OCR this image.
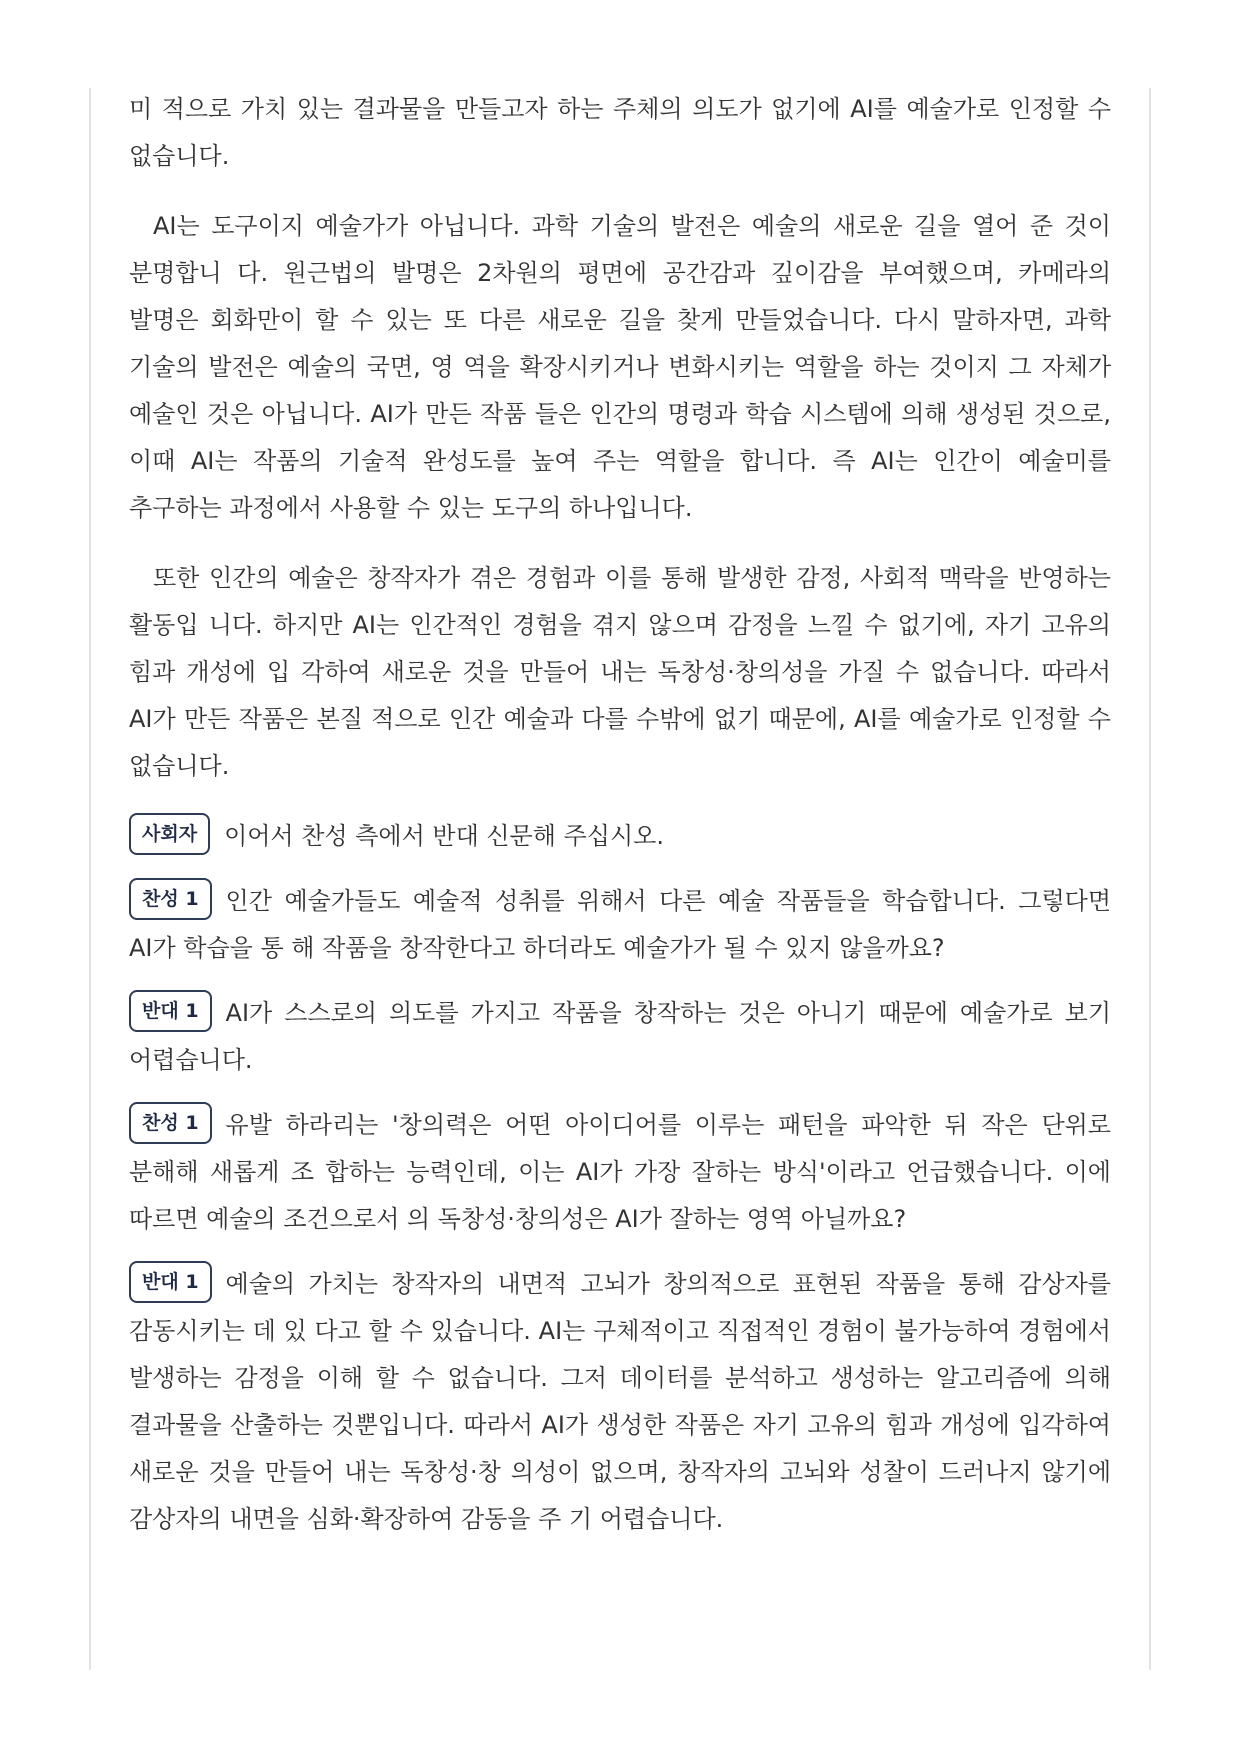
미 적으로 가치 있는 결과물을 만들고자 하는 주체의 의도가 없기에 AI를 예술가로 인정할 수 없습니다.

AI는 도구이지 예술가가 아닙니다. 과학 기술의 발전은 예술의 새로운 길을 열어 준 것이 분명합니 다. 원근법의 발명은 2차원의 평면에 공간감과 깊이감을 부여했으며, 카메라의 발명은 회화만이 할 수 있는 또 다른 새로운 길을 찾게 만들었습니다. 다시 말하자면, 과학 기술의 발전은 예술의 국면, 영 역을 확장시키거나 변화시키는 역할을 하는 것이지 그 자체가 예술인 것은 아닙니다. AI가 만든 작품 들은 인간의 명령과 학습 시스템에 의해 생성된 것으로, 이때 AI는 작품의 기술적 완성도를 높여 주는 역할을 합니다. 즉 AI는 인간이 예술미를 추구하는 과정에서 사용할 수 있는 도구의 하나입니다.

또한 인간의 예술은 창작자가 겪은 경험과 이를 통해 발생한 감정, 사회적 맥락을 반영하는 활동입 니다. 하지만 AI는 인간적인 경험을 겪지 않으며 감정을 느낄 수 없기에, 자기 고유의 힘과 개성에 입 각하여 새로운 것을 만들어 내는 독창성·창의성을 가질 수 없습니다. 따라서 AI가 만든 작품은 본질 적으로 인간 예술과 다를 수밖에 없기 때문에, AI를 예술가로 인정할 수 없습니다.

사회자 이어서 찬성 측에서 반대 신문해 주십시오.

찬성 1 인간 예술가들도 예술적 성취를 위해서 다른 예술 작품들을 학습합니다. 그렇다면 AI가 학습을 통 해 작품을 창작한다고 하더라도 예술가가 될 수 있지 않을까요?

반대 1 AI가 스스로의 의도를 가지고 작품을 창작하는 것은 아니기 때문에 예술가로 보기 어렵습니다.

찬성 1 유발 하라리는 '창의력은 어떤 아이디어를 이루는 패턴을 파악한 뒤 작은 단위로 분해해 새롭게 조 합하는 능력인데, 이는 AI가 가장 잘하는 방식'이라고 언급했습니다. 이에 따르면 예술의 조건으로서 의 독창성·창의성은 AI가 잘하는 영역 아닐까요?

반대 1 예술의 가치는 창작자의 내면적 고뇌가 창의적으로 표현된 작품을 통해 감상자를 감동시키는 데 있 다고 할 수 있습니다. AI는 구체적이고 직접적인 경험이 불가능하여 경험에서 발생하는 감정을 이해 할 수 없습니다. 그저 데이터를 분석하고 생성하는 알고리즘에 의해 결과물을 산출하는 것뿐입니다. 따라서 AI가 생성한 작품은 자기 고유의 힘과 개성에 입각하여 새로운 것을 만들어 내는 독창성·창 의성이 없으며, 창작자의 고뇌와 성찰이 드러나지 않기에 감상자의 내면을 심화·확장하여 감동을 주 기 어렵습니다.
